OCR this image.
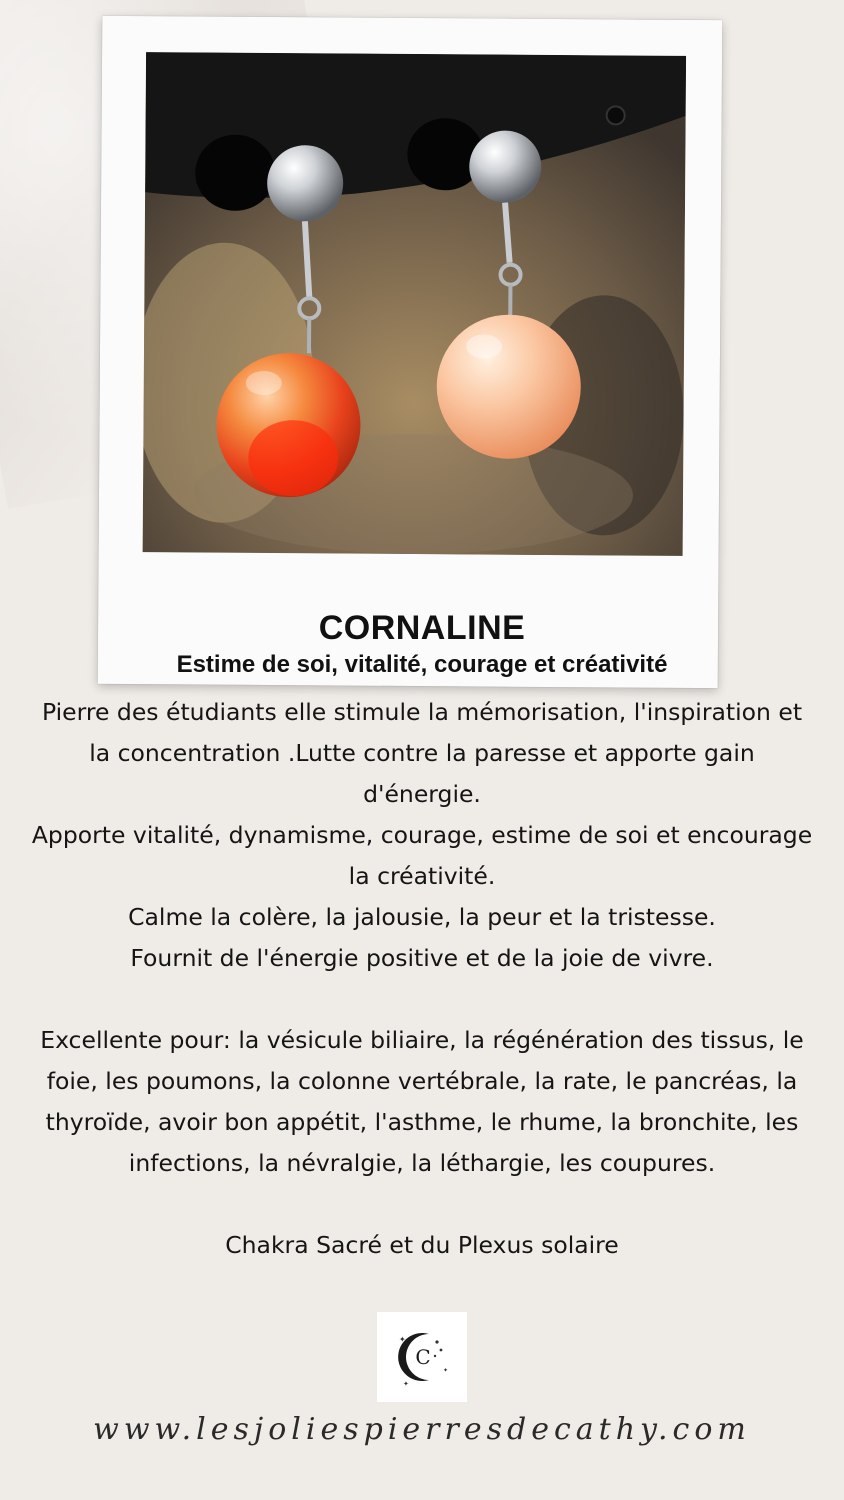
CORNALINE

Estime de soi, vitalité, courage et créativité

Pierre des étudiants elle stimule la mémorisation, l'inspiration et la concentration .Lutte contre la paresse et apporte gain d'énergie.

Apporte vitalité, dynamisme, courage, estime de soi et encourage la créativité.

Calme la colère, la jalousie, la peur et la tristesse.

Fournit de l'énergie positive et de la joie de vivre.

Excellente pour: la vésicule biliaire, la régénération des tissus, le foie, les poumons, la colonne vertébrale, la rate, le pancréas, la thyroïde, avoir bon appétit, l'asthme, le rhume, la bronchite, les infections, la névralgie, la léthargie, les coupures.

Chakra Sacré et du Plexus solaire

C
✦
✦
✦
www.lesjoliespierresdecathy.com
